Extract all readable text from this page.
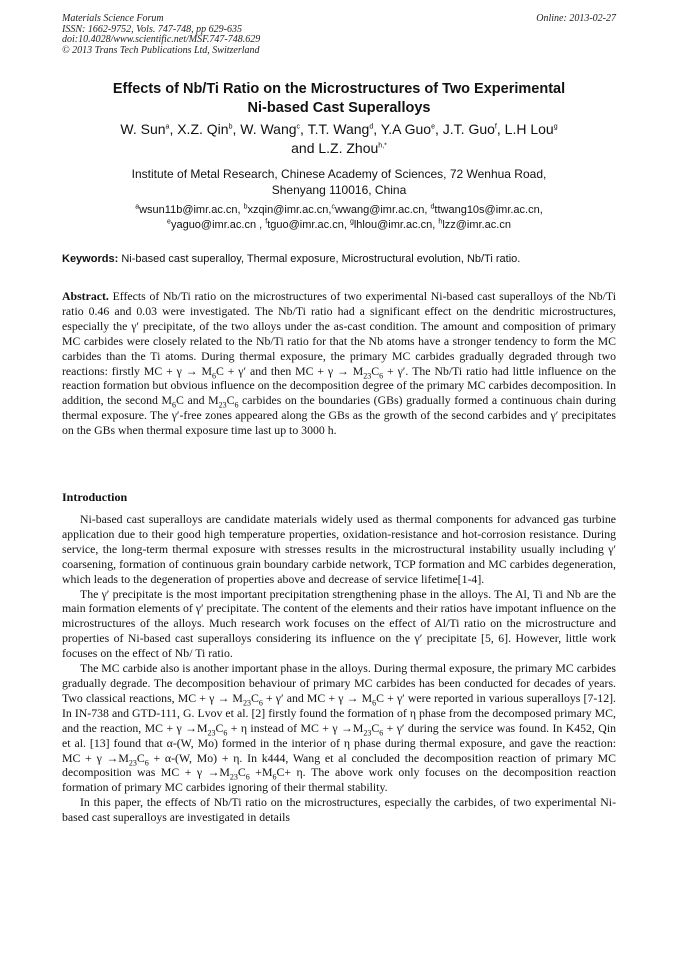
Materials Science Forum
ISSN: 1662-9752, Vols. 747-748, pp 629-635
doi:10.4028/www.scientific.net/MSF.747-748.629
© 2013 Trans Tech Publications Ltd, Switzerland
Online: 2013-02-27
Effects of Nb/Ti Ratio on the Microstructures of Two Experimental
Ni-based Cast Superalloys
W. Sun$^a$, X.Z. Qin$^b$, W. Wang$^c$, T.T. Wang$^d$, Y.A Guo$^e$, J.T. Guo$^f$, L.H Lou$^g$
and L.Z. Zhou$^{h,*}$
Institute of Metal Research, Chinese Academy of Sciences, 72 Wenhua Road,
Shenyang 110016, China
$^a$wsun11b@imr.ac.cn, $^b$xzqin@imr.ac.cn,$^c$wwang@imr.ac.cn, $^d$ttwang10s@imr.ac.cn,
$^e$yaguo@imr.ac.cn , $^f$tguo@imr.ac.cn, $^g$lhlou@imr.ac.cn, $^h$lzz@imr.ac.cn
Keywords: Ni-based cast superalloy, Thermal exposure, Microstructural evolution, Nb/Ti ratio.
Abstract. Effects of Nb/Ti ratio on the microstructures of two experimental Ni-based cast superalloys of the Nb/Ti ratio 0.46 and 0.03 were investigated. The Nb/Ti ratio had a significant effect on the dendritic microstructures, especially the γ′ precipitate, of the two alloys under the as-cast condition. The amount and composition of primary MC carbides were closely related to the Nb/Ti ratio for that the Nb atoms have a stronger tendency to form the MC carbides than the Ti atoms. During thermal exposure, the primary MC carbides gradually degraded through two reactions: firstly MC + $\gamma \to M_6C + \gamma'$ and then MC + $\gamma \to M_{23}C_6 + \gamma'$. The Nb/Ti ratio had little influence on the reaction formation but obvious influence on the decomposition degree of the primary MC carbides decomposition. In addition, the second $M_6C$ and $M_{23}C_6$ carbides on the boundaries (GBs) gradually formed a continuous chain during thermal exposure. The γ′-free zones appeared along the GBs as the growth of the second carbides and γ′ precipitates on the GBs when thermal exposure time last up to 3000 h.
Introduction

Ni-based cast superalloys are candidate materials widely used as thermal components for advanced gas turbine application due to their good high temperature properties, oxidation-resistance and hot-corrosion resistance. During service, the long-term thermal exposure with stresses results in the microstructural instability usually including γ′ coarsening, formation of continuous grain boundary carbide network, TCP formation and MC carbides degeneration, which leads to the degeneration of properties above and decrease of service lifetime[1-4].

The γ′ precipitate is the most important precipitation strengthening phase in the alloys. The Al, Ti and Nb are the main formation elements of γ′ precipitate. The content of the elements and their ratios have impotant influence on the microstructures of the alloys. Much research work focuses on the effect of Al/Ti ratio on the microstructure and properties of Ni-based cast superalloys considering its influence on the γ′ precipitate [5, 6]. However, little work focuses on the effect of Nb/ Ti ratio.

The MC carbide also is another important phase in the alloys. During thermal exposure, the primary MC carbides gradually degrade. The decomposition behaviour of primary MC carbides has been conducted for decades of years. Two classical reactions, MC + $\gamma \to M_{23}C_6 + \gamma'$ and MC + $\gamma \to M_6C + \gamma'$ were reported in various superalloys [7-12]. In IN-738 and GTD-111, G. Lvov et al. [2] firstly found the formation of η phase from the decomposed primary MC, and the reaction, MC + $\gamma \to M_{23}C_6 + \eta$ instead of MC + $\gamma \to M_{23}C_6 + \gamma'$ during the service was found. In K452, Qin et al. [13] found that α-(W, Mo) formed in the interior of η phase during thermal exposure, and gave the reaction: MC + $\gamma \to M_{23}C_6 + \alpha-(W$, Mo) + η. In k444, Wang et al concluded the decomposition reaction of primary MC decomposition was MC + $\gamma \to M_{23}C_6 +M_6C+ \eta$. The above work only focuses on the decomposition reaction formation of primary MC carbides ignoring of their thermal stability.

In this paper, the effects of Nb/Ti ratio on the microstructures, especially the carbides, of two experimental Ni-based cast superalloys are investigated in details
